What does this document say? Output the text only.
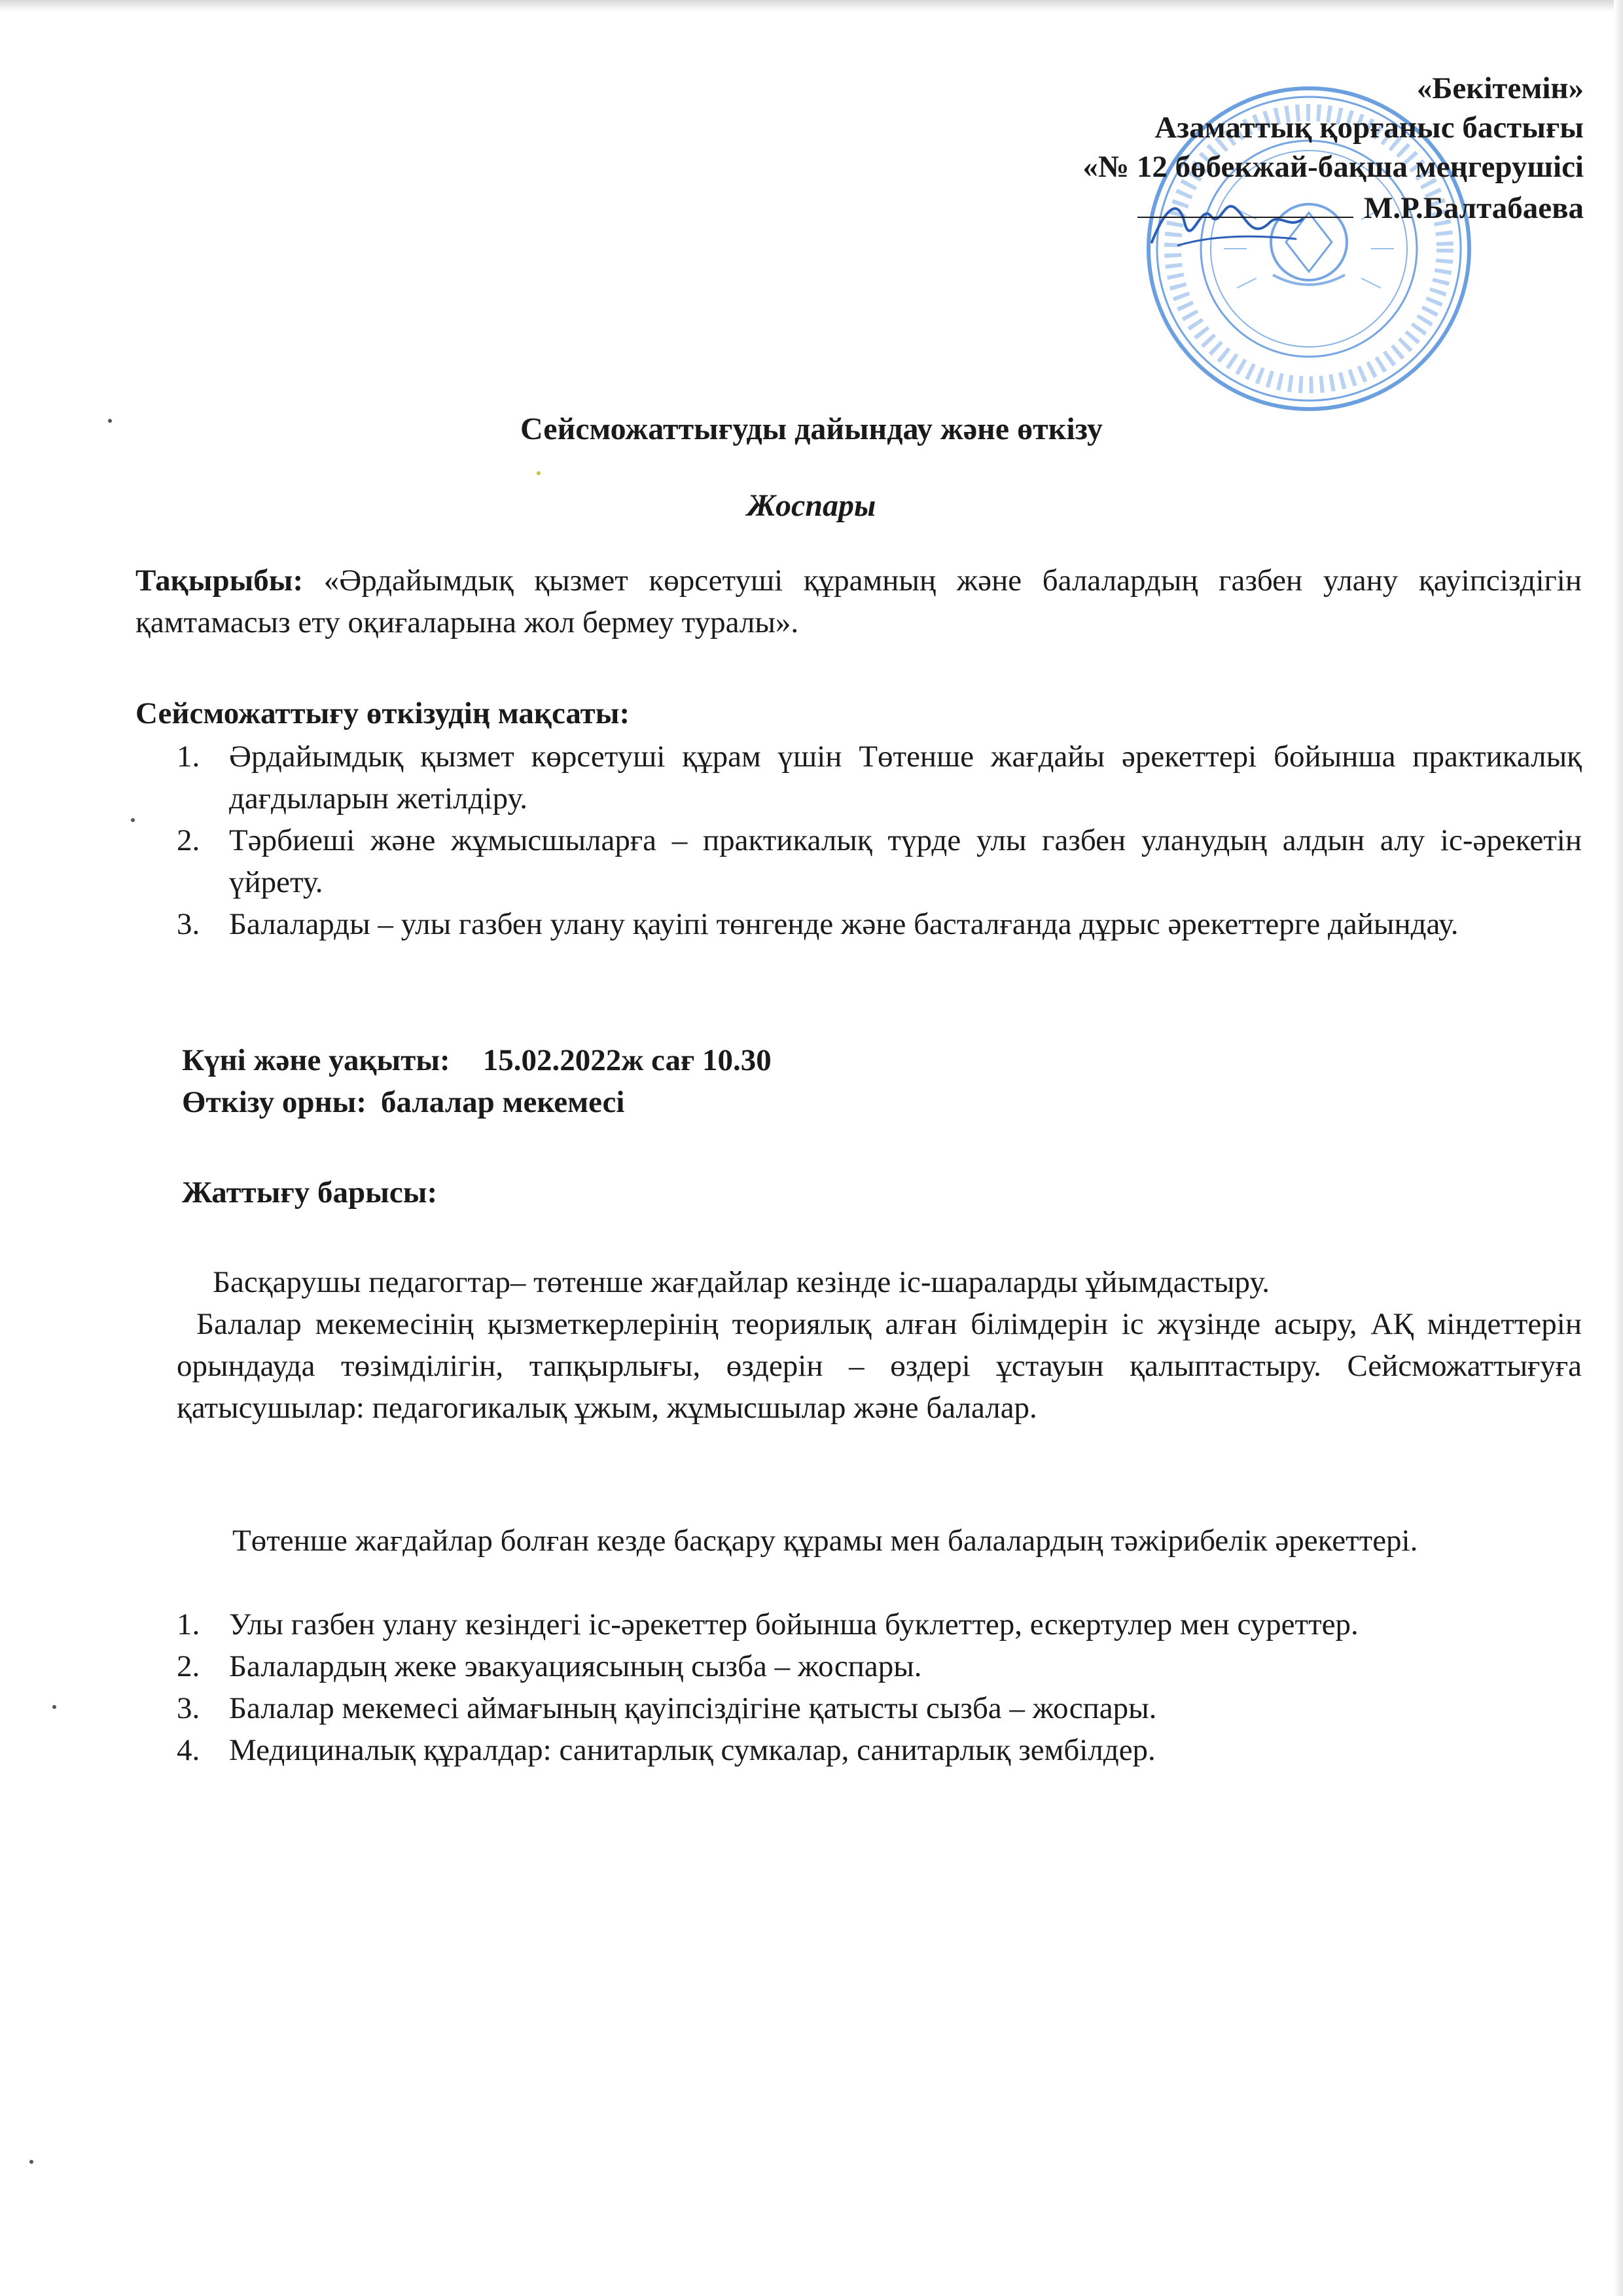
«Бекітемін»
Азаматтық қорғаныс бастығы
«№ 12 бөбекжай-бақша меңгерушісі
М.Р.Балтабаева
Сейсможаттығуды дайындау және өткізу
Жоспары
Тақырыбы: «Әрдайымдық қызмет көрсетуші құрамның және балалардың газбен улану қауіпсіздігін қамтамасыз ету оқиғаларына жол бермеу туралы».
Сейсможаттығу өткізудің мақсаты:
1. Әрдайымдық қызмет көрсетуші құрам үшін Төтенше жағдайы әрекеттері бойынша практикалық дағдыларын жетілдіру.
2. Тәрбиеші және жұмысшыларға – практикалық түрде улы газбен уланудың алдын алу іс-әрекетін үйрету.
3. Балаларды – улы газбен улану қауіпі төнгенде және басталғанда дұрыс әрекеттерге дайындау.
Күні және уақыты: 15.02.2022ж сағ 10.30
Өткізу орны: балалар мекемесі
Жаттығу барысы:
Басқарушы педагогтар– төтенше жағдайлар кезінде іс-шараларды ұйымдастыру.
Балалар мекемесінің қызметкерлерінің теориялық алған білімдерін іс жүзінде асыру, АҚ міндеттерін орындауда төзімділігін, тапқырлығы, өздерін – өздері ұстауын қалыптастыру. Сейсможаттығуға қатысушылар: педагогикалық ұжым, жұмысшылар және балалар.
Төтенше жағдайлар болған кезде басқару құрамы мен балалардың тәжірибелік әрекеттері.
1. Улы газбен улану кезіндегі іс-әрекеттер бойынша буклеттер, ескертулер мен суреттер.
2. Балалардың жеке эвакуациясының сызба – жоспары.
3. Балалар мекемесі аймағының қауіпсіздігіне қатысты сызба – жоспары.
4. Медициналық құралдар: санитарлық сумкалар, санитарлық зембілдер.
